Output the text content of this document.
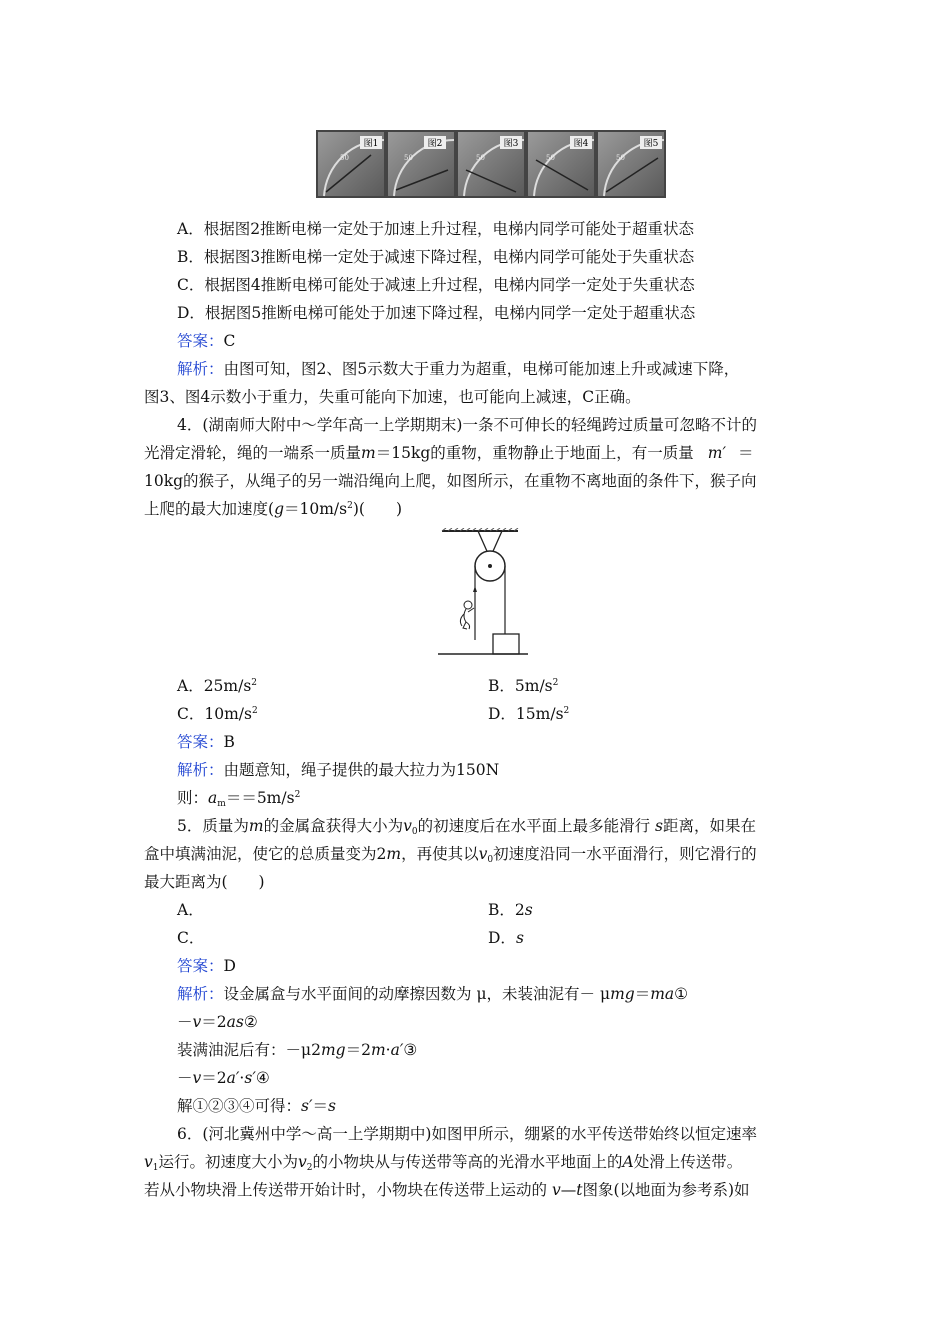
图1
50
图2
50
图3
50
图4
50
图5
50
A．根据图2推断电梯一定处于加速上升过程，电梯内同学可能处于超重状态
B．根据图3推断电梯一定处于减速下降过程，电梯内同学可能处于失重状态
C．根据图4推断电梯可能处于减速上升过程，电梯内同学一定处于失重状态
D．根据图5推断电梯可能处于加速下降过程，电梯内同学一定处于超重状态
答案：C
解析：由图可知，图2、图5示数大于重力为超重，电梯可能加速上升或减速下降，
图3、图4示数小于重力，失重可能向下加速，也可能向上减速，C正确。
4．(湖南师大附中～学年高一上学期期末)一条不可伸长的轻绳跨过质量可忽略不计的
光滑定滑轮，绳的一端系一质量m＝15kg的重物，重物静止于地面上，有一质量 m′ ＝
10kg的猴子，从绳子的另一端沿绳向上爬，如图所示，在重物不离地面的条件下，猴子向
上爬的最大加速度$(g=10m/s^2)$(　　)
A．$25m/s^2$	B．$5m/s^2$
C．$10m/s^2$	D．$15m/s^2$
答案：B
解析：由题意知，绳子提供的最大拉力为150N
则：$a_m==5m/s^2$
5．质量为m的金属盒获得大小为$v_0$的初速度后在水平面上最多能滑行 s距离，如果在
盒中填满油泥，使它的总质量变为2m，再使其以$v_0$初速度沿同一水平面滑行，则它滑行的
最大距离为(　　)
A．	B．2s
C．	D．s
答案：D
解析：设金属盒与水平面间的动摩擦因数为 μ，未装油泥有－ μmg＝ma①
－v＝2as②
装满油泥后有：－μ2mg＝2m·a′③
－v＝2a′·s′④
解①②③④可得：s′＝s
6．(河北冀州中学～高一上学期期中)如图甲所示，绷紧的水平传送带始终以恒定速率
$v_1$运行。初速度大小为$v_2$的小物块从与传送带等高的光滑水平地面上的A处滑上传送带。
若从小物块滑上传送带开始计时，小物块在传送带上运动的 v—t图象(以地面为参考系)如
